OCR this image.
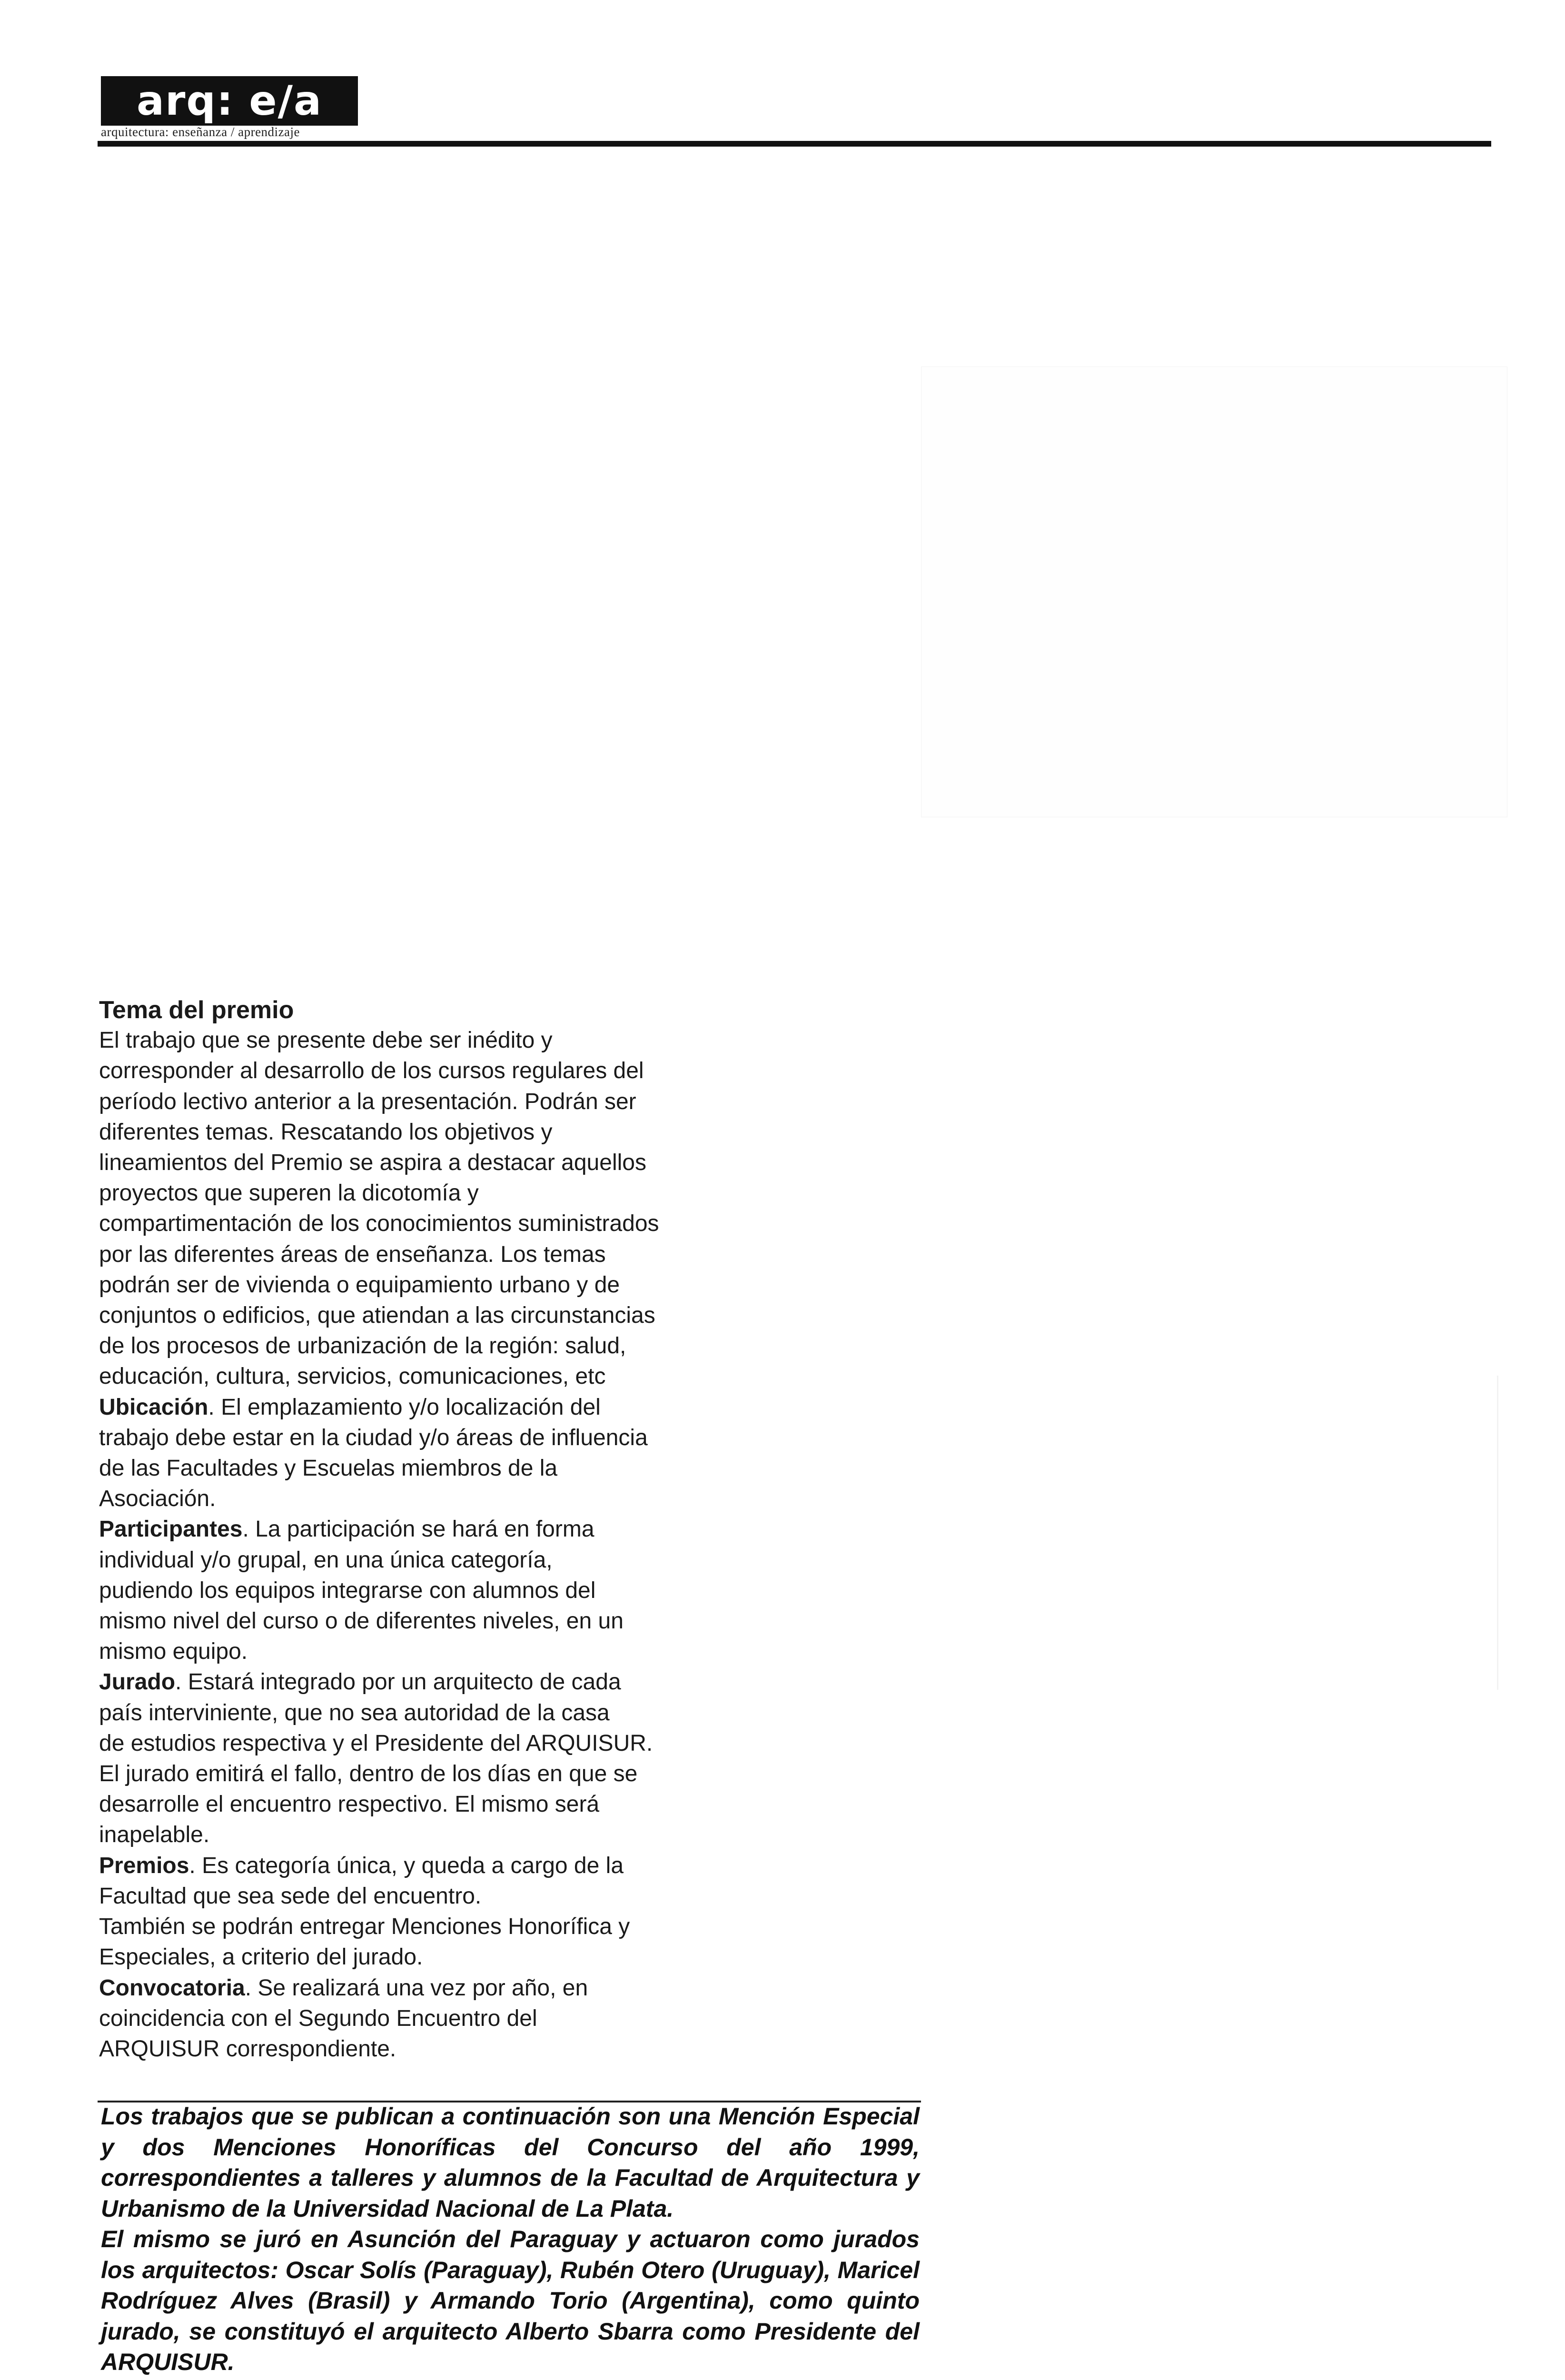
arq: e/a
arquitectura: enseñanza / aprendizaje

Tema del premio

El trabajo que se presente debe ser inédito y

corresponder al desarrollo de los cursos regulares del

período lectivo anterior a la presentación. Podrán ser

diferentes temas. Rescatando los objetivos y

lineamientos del Premio se aspira a destacar aquellos

proyectos que superen la dicotomía y

compartimentación de los conocimientos suministrados

por las diferentes áreas de enseñanza. Los temas

podrán ser de vivienda o equipamiento urbano y de

conjuntos o edificios, que atiendan a las circunstancias

de los procesos de urbanización de la región: salud,

educación, cultura, servicios, comunicaciones, etc

Ubicación. El emplazamiento y/o localización del

trabajo debe estar en la ciudad y/o áreas de influencia

de las Facultades y Escuelas miembros de la Asociación.

Participantes. La participación se hará en forma

individual y/o grupal, en una única categoría,

pudiendo los equipos integrarse con alumnos del

mismo nivel del curso o de diferentes niveles, en un

mismo equipo.

Jurado. Estará integrado por un arquitecto de cada

país interviniente, que no sea autoridad de la casa

de estudios respectiva y el Presidente del ARQUISUR.

El jurado emitirá el fallo, dentro de los días en que se

desarrolle el encuentro respectivo. El mismo será

inapelable.

Premios. Es categoría única, y queda a cargo de la

Facultad que sea sede del encuentro.

También se podrán entregar Menciones Honorífica y

Especiales, a criterio del jurado.

Convocatoria. Se realizará una vez por año, en

coincidencia con el Segundo Encuentro del

ARQUISUR correspondiente.

Los trabajos que se publican a continuación son una Mención Especial y dos Menciones Honoríficas del Concurso del año 1999, correspondientes a talleres y alumnos de la Facultad de Arquitectura y Urbanismo de la Universidad Nacional de La Plata.

El mismo se juró en Asunción del Paraguay y actuaron como jurados los arquitectos: Oscar Solís (Paraguay), Rubén Otero (Uruguay), Maricel Rodríguez Alves (Brasil) y Armando Torio (Argentina), como quinto jurado, se constituyó el arquitecto Alberto Sbarra como Presidente del ARQUISUR.
